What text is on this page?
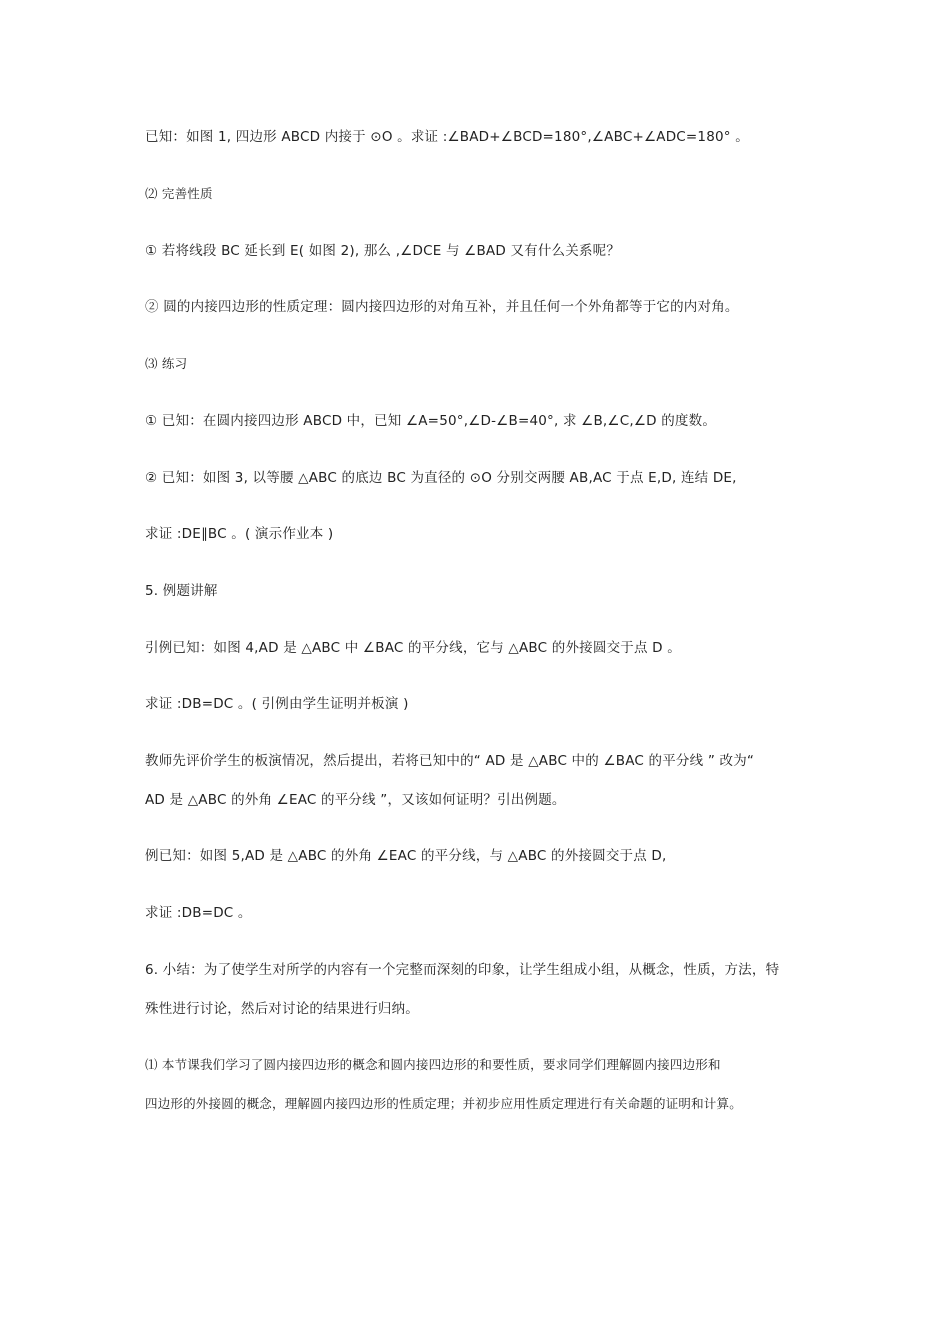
已知：如图 1, 四边形 ABCD 内接于 ⊙O 。求证 :∠BAD+∠BCD=180°,∠ABC+∠ADC=180° 。
⑵ 完善性质
① 若将线段 BC 延长到 E( 如图 2), 那么 ,∠DCE 与 ∠BAD 又有什么关系呢？
② 圆的内接四边形的性质定理：圆内接四边形的对角互补，并且任何一个外角都等于它的内对角。
⑶ 练习
① 已知：在圆内接四边形 ABCD 中，已知 ∠A=50°,∠D-∠B=40°, 求 ∠B,∠C,∠D 的度数。
② 已知：如图 3, 以等腰 △ABC 的底边 BC 为直径的 ⊙O 分别交两腰 AB,AC 于点 E,D, 连结 DE,
求证 :DE∥BC 。( 演示作业本 )
5. 例题讲解
引例已知：如图 4,AD 是 △ABC 中 ∠BAC 的平分线，它与 △ABC 的外接圆交于点 D 。
求证 :DB=DC 。( 引例由学生证明并板演 )
教师先评价学生的板演情况，然后提出，若将已知中的“ AD 是 △ABC 中的 ∠BAC 的平分线 ” 改为“
AD 是 △ABC 的外角 ∠EAC 的平分线 ”，又该如何证明？引出例题。
例已知：如图 5,AD 是 △ABC 的外角 ∠EAC 的平分线，与 △ABC 的外接圆交于点 D,
求证 :DB=DC 。
6. 小结：为了使学生对所学的内容有一个完整而深刻的印象，让学生组成小组，从概念，性质，方法，特
殊性进行讨论，然后对讨论的结果进行归纳。
⑴ 本节课我们学习了圆内接四边形的概念和圆内接四边形的和要性质，要求同学们理解圆内接四边形和
四边形的外接圆的概念，理解圆内接四边形的性质定理；并初步应用性质定理进行有关命题的证明和计算。
